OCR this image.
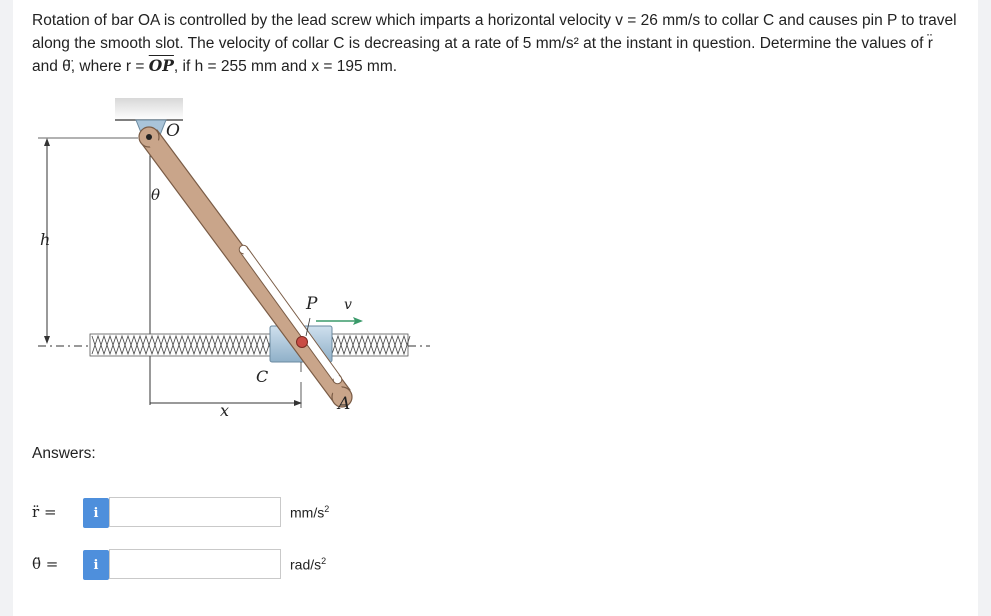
Rotation of bar OA is controlled by the lead screw which imparts a horizontal velocity v = 26 mm/s to collar C and causes pin P to travel
along the smooth slot. The velocity of collar C is decreasing at a rate of 5 mm/s² at the instant in question. Determine the values of r̈
and θ̈, where $r = \overline{OP}$, if h = 255 mm and x = 195 mm.
h
C
O
θ
P v
x	A
Answers:
r̈ =	i	$mm/s^2$
θ̈ =	i	rad/$s^2$
